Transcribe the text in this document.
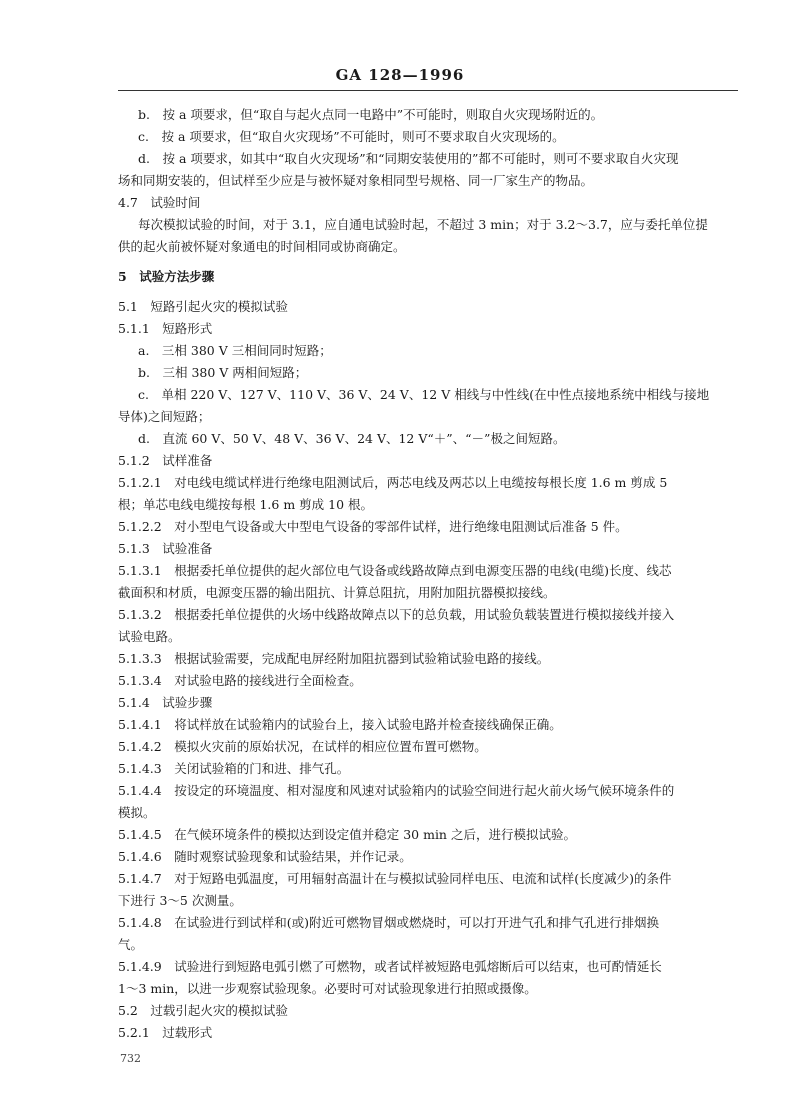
GA 128—1996
b.　按 a 项要求，但“取自与起火点同一电路中”不可能时，则取自火灾现场附近的。
c.　按 a 项要求，但“取自火灾现场”不可能时，则可不要求取自火灾现场的。
d.　按 a 项要求，如其中“取自火灾现场”和“同期安装使用的”都不可能时，则可不要求取自火灾现
场和同期安装的，但试样至少应是与被怀疑对象相同型号规格、同一厂家生产的物品。
4.7　试验时间
每次模拟试验的时间，对于 3.1，应自通电试验时起，不超过 3 min；对于 3.2～3.7，应与委托单位提
供的起火前被怀疑对象通电的时间相同或协商确定。
5　试验方法步骤
5.1　短路引起火灾的模拟试验
5.1.1　短路形式
a.　三相 380 V 三相间同时短路；
b.　三相 380 V 两相间短路；
c.　单相 220 V、127 V、110 V、36 V、24 V、12 V 相线与中性线(在中性点接地系统中相线与接地
导体)之间短路；
d.　直流 60 V、50 V、48 V、36 V、24 V、12 V“＋”、“－”极之间短路。
5.1.2　试样准备
5.1.2.1　对电线电缆试样进行绝缘电阻测试后，两芯电线及两芯以上电缆按每根长度 1.6 m 剪成 5
根；单芯电线电缆按每根 1.6 m 剪成 10 根。
5.1.2.2　对小型电气设备或大中型电气设备的零部件试样，进行绝缘电阻测试后准备 5 件。
5.1.3　试验准备
5.1.3.1　根据委托单位提供的起火部位电气设备或线路故障点到电源变压器的电线(电缆)长度、线芯
截面积和材质，电源变压器的输出阻抗、计算总阻抗，用附加阻抗器模拟接线。
5.1.3.2　根据委托单位提供的火场中线路故障点以下的总负载，用试验负载装置进行模拟接线并接入
试验电路。
5.1.3.3　根据试验需要，完成配电屏经附加阻抗器到试验箱试验电路的接线。
5.1.3.4　对试验电路的接线进行全面检查。
5.1.4　试验步骤
5.1.4.1　将试样放在试验箱内的试验台上，接入试验电路并检查接线确保正确。
5.1.4.2　模拟火灾前的原始状况，在试样的相应位置布置可燃物。
5.1.4.3　关闭试验箱的门和进、排气孔。
5.1.4.4　按设定的环境温度、相对湿度和风速对试验箱内的试验空间进行起火前火场气候环境条件的
模拟。
5.1.4.5　在气候环境条件的模拟达到设定值并稳定 30 min 之后，进行模拟试验。
5.1.4.6　随时观察试验现象和试验结果，并作记录。
5.1.4.7　对于短路电弧温度，可用辐射高温计在与模拟试验同样电压、电流和试样(长度减少)的条件
下进行 3～5 次测量。
5.1.4.8　在试验进行到试样和(或)附近可燃物冒烟或燃烧时，可以打开进气孔和排气孔进行排烟换
气。
5.1.4.9　试验进行到短路电弧引燃了可燃物，或者试样被短路电弧熔断后可以结束，也可酌情延长
1～3 min，以进一步观察试验现象。必要时可对试验现象进行拍照或摄像。
5.2　过载引起火灾的模拟试验
5.2.1　过载形式
732
